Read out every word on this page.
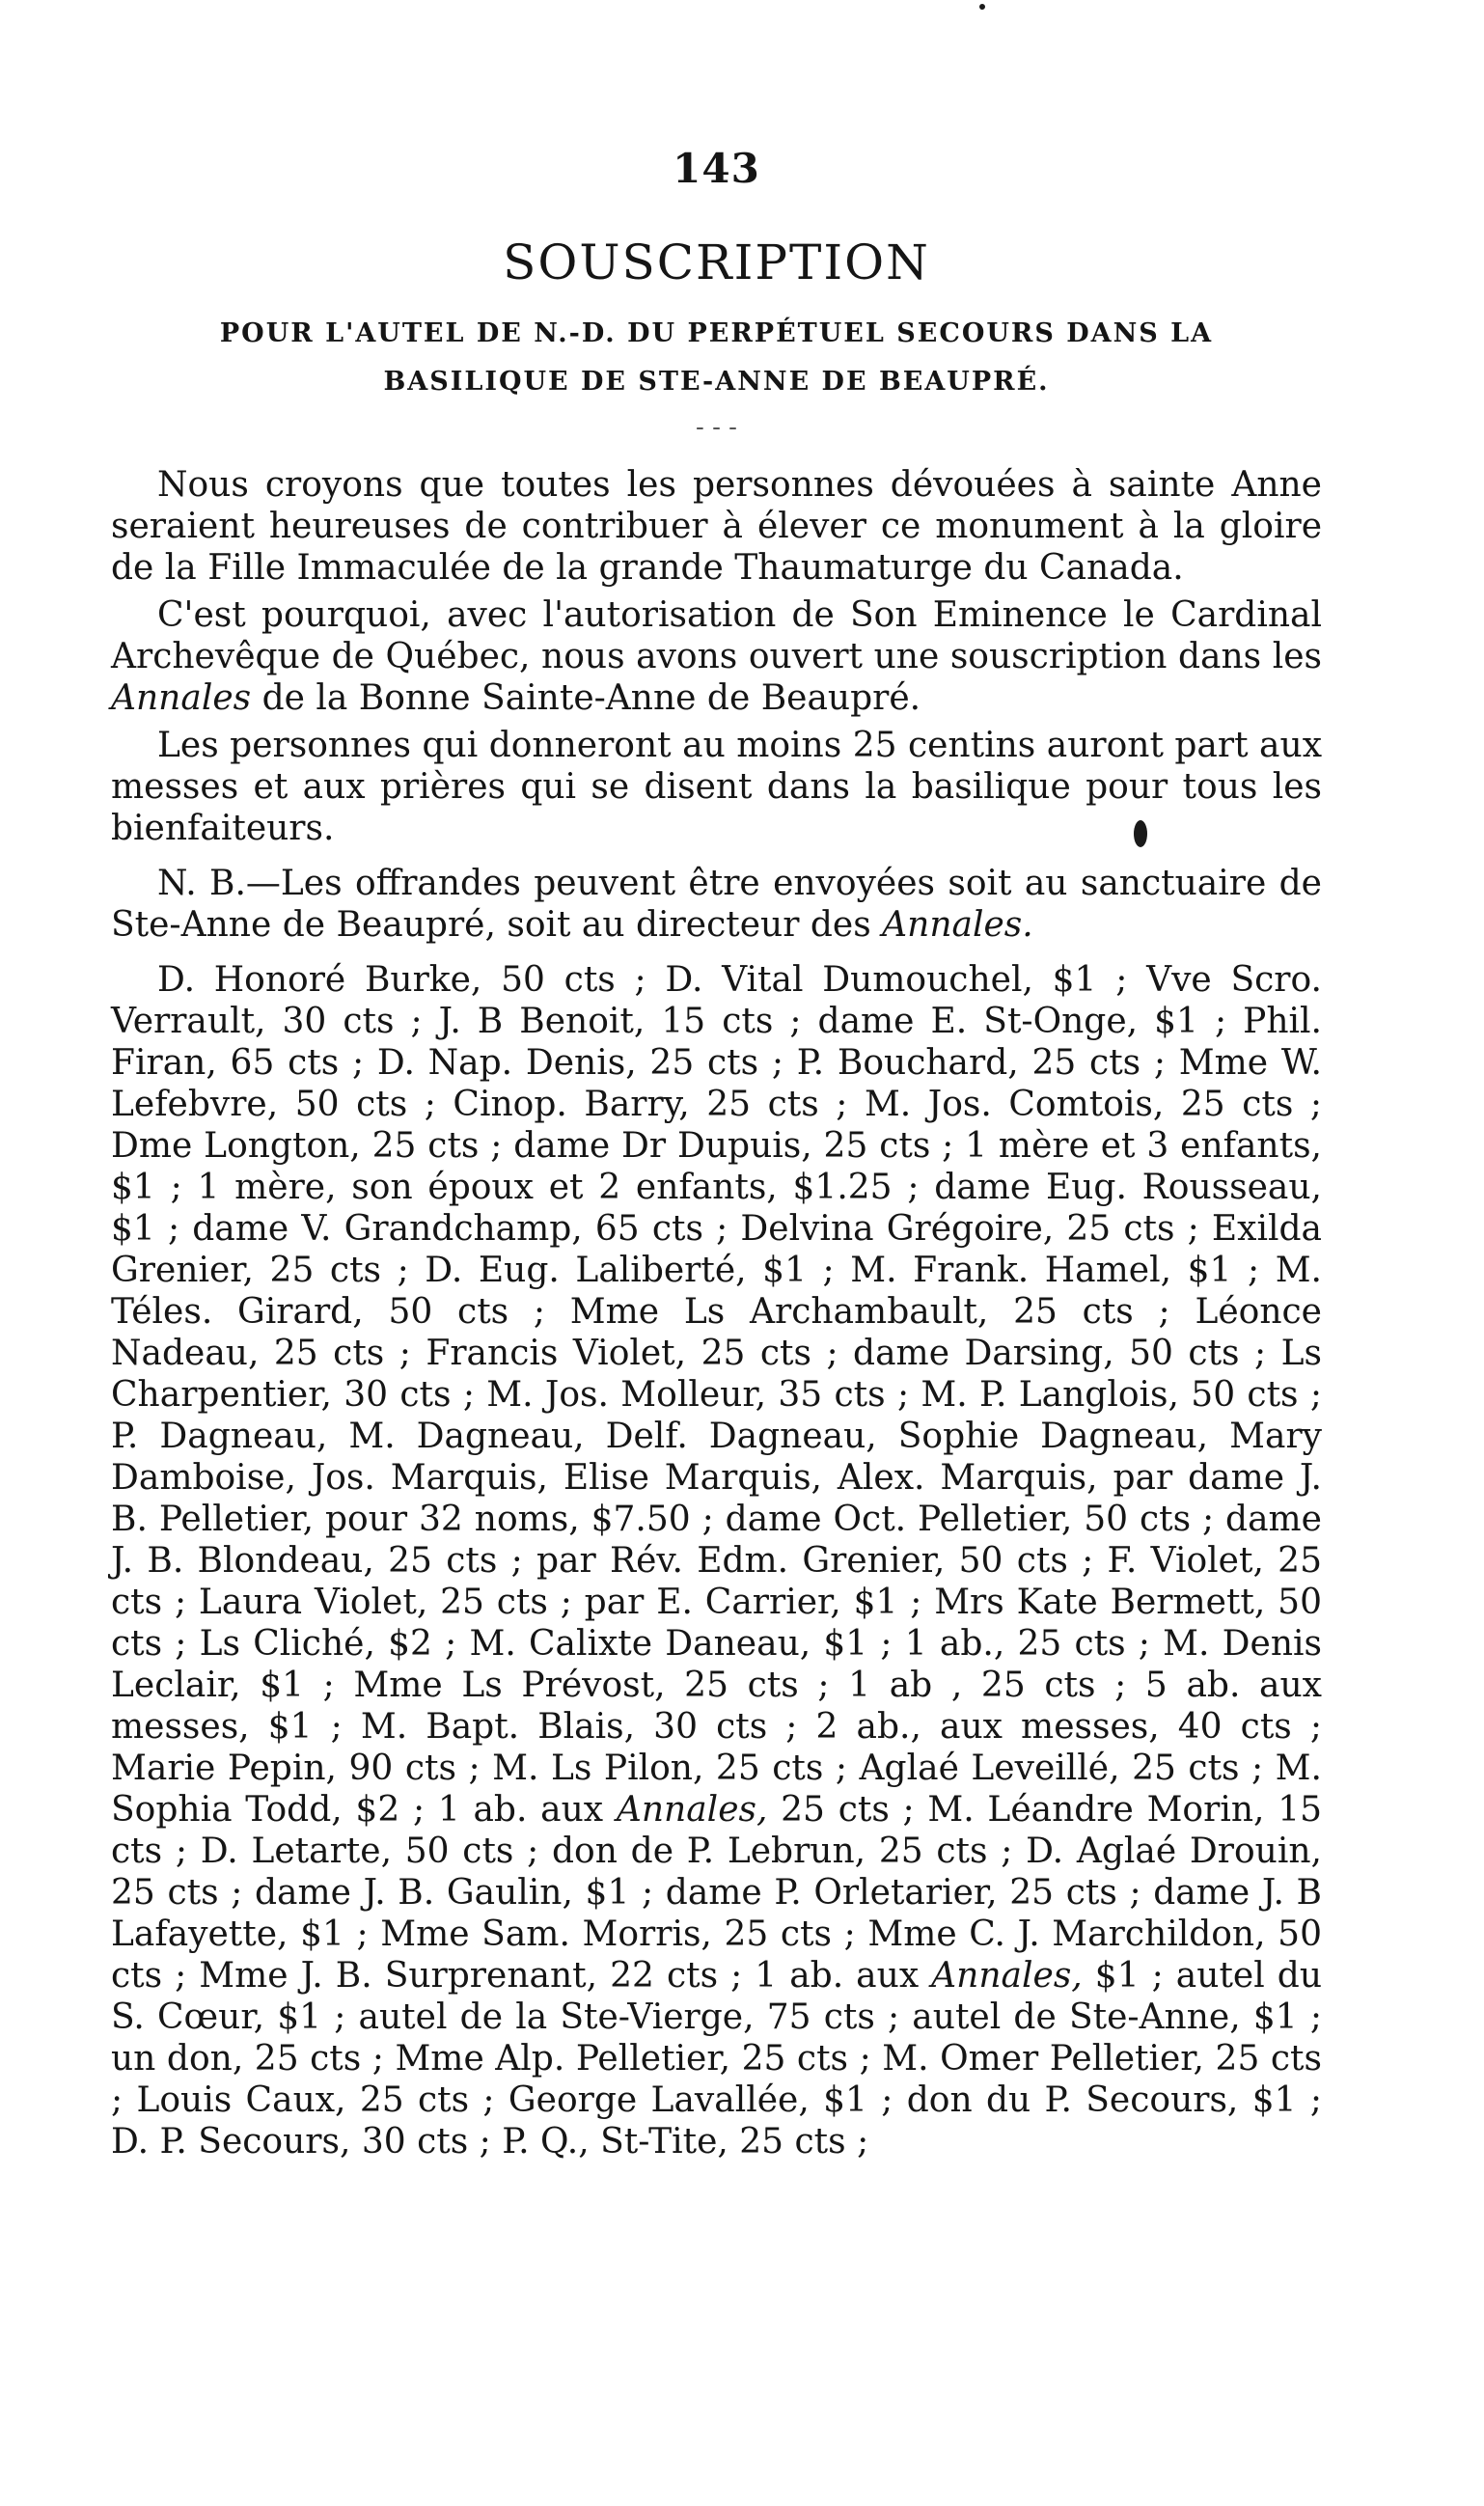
143
SOUSCRIPTION
POUR L'AUTEL DE N.-D. DU PERPÉTUEL SECOURS DANS LA
BASILIQUE DE STE-ANNE DE BEAUPRÉ.
- - -

Nous croyons que toutes les personnes dévouées à sainte Anne seraient heureuses de contribuer à élever ce monument à la gloire de la Fille Immaculée de la grande Thaumaturge du Canada.

C'est pourquoi, avec l'autorisation de Son Eminence le Cardinal Archevêque de Québec, nous avons ouvert une souscription dans les Annales de la Bonne Sainte-Anne de Beaupré.

Les personnes qui donneront au moins 25 centins auront part aux messes et aux prières qui se disent dans la basilique pour tous les bienfaiteurs.

N. B.—Les offrandes peuvent être envoyées soit au sanctuaire de Ste-Anne de Beaupré, soit au directeur des Annales.

D. Honoré Burke, 50 cts ; D. Vital Dumouchel, $1 ; Vve Scro. Verrault, 30 cts ; J. B Benoit, 15 cts ; dame E. St-Onge, $1 ; Phil. Firan, 65 cts ; D. Nap. Denis, 25 cts ; P. Bouchard, 25 cts ; Mme W. Lefebvre, 50 cts ; Cinop. Barry, 25 cts ; M. Jos. Comtois, 25 cts ; Dme Longton, 25 cts ; dame Dr Dupuis, 25 cts ; 1 mère et 3 enfants, $1 ; 1 mère, son époux et 2 enfants, $1.25 ; dame Eug. Rousseau, $1 ; dame V. Grandchamp, 65 cts ; Delvina Grégoire, 25 cts ; Exilda Grenier, 25 cts ; D. Eug. Laliberté, $1 ; M. Frank. Hamel, $1 ; M. Téles. Girard, 50 cts ; Mme Ls Archambault, 25 cts ; Léonce Nadeau, 25 cts ; Francis Violet, 25 cts ; dame Darsing, 50 cts ; Ls Charpentier, 30 cts ; M. Jos. Molleur, 35 cts ; M. P. Langlois, 50 cts ; P. Dagneau, M. Dagneau, Delf. Dagneau, Sophie Dagneau, Mary Damboise, Jos. Marquis, Elise Marquis, Alex. Marquis, par dame J. B. Pelletier, pour 32 noms, $7.50 ; dame Oct. Pelletier, 50 cts ; dame J. B. Blondeau, 25 cts ; par Rév. Edm. Grenier, 50 cts ; F. Violet, 25 cts ; Laura Violet, 25 cts ; par E. Carrier, $1 ; Mrs Kate Bermett, 50 cts ; Ls Cliché, $2 ; M. Calixte Daneau, $1 ; 1 ab., 25 cts ; M. Denis Leclair, $1 ; Mme Ls Prévost, 25 cts ; 1 ab , 25 cts ; 5 ab. aux messes, $1 ; M. Bapt. Blais, 30 cts ; 2 ab., aux messes, 40 cts ; Marie Pepin, 90 cts ; M. Ls Pilon, 25 cts ; Aglaé Leveillé, 25 cts ; M. Sophia Todd, $2 ; 1 ab. aux Annales, 25 cts ; M. Léandre Morin, 15 cts ; D. Letarte, 50 cts ; don de P. Lebrun, 25 cts ; D. Aglaé Drouin, 25 cts ; dame J. B. Gaulin, $1 ; dame P. Orletarier, 25 cts ; dame J. B Lafayette, $1 ; Mme Sam. Morris, 25 cts ; Mme C. J. Marchildon, 50 cts ; Mme J. B. Surprenant, 22 cts ; 1 ab. aux Annales, $1 ; autel du S. Cœur, $1 ; autel de la Ste-Vierge, 75 cts ; autel de Ste-Anne, $1 ; un don, 25 cts ; Mme Alp. Pelletier, 25 cts ; M. Omer Pelletier, 25 cts ; Louis Caux, 25 cts ; George Lavallée, $1 ; don du P. Secours, $1 ; D. P. Secours, 30 cts ; P. Q., St-Tite, 25 cts ;
